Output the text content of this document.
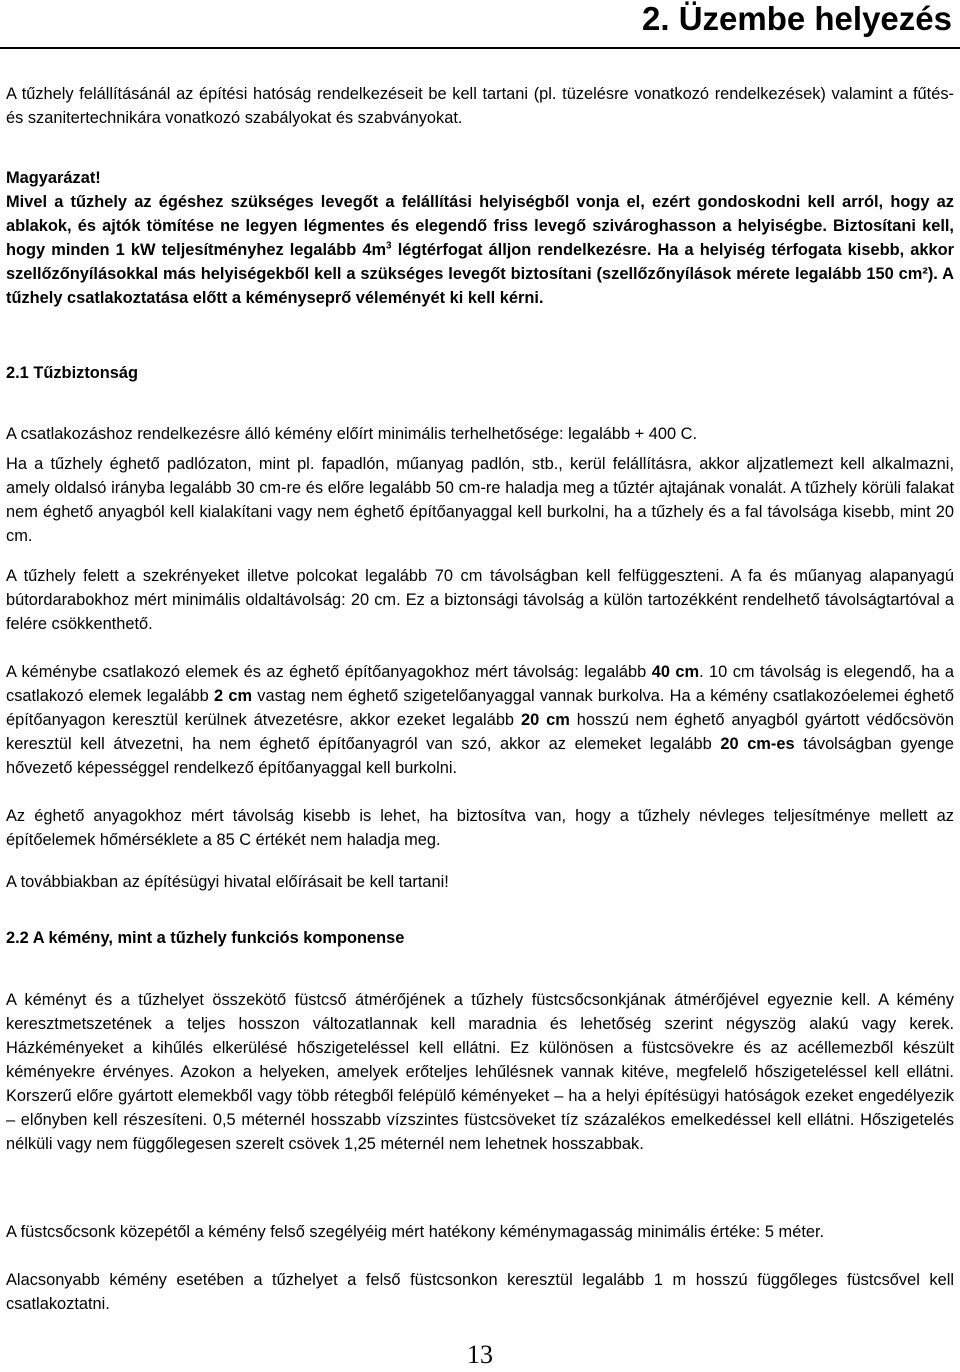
2. Üzembe helyezés

A tűzhely felállításánál az építési hatóság rendelkezéseit be kell tartani (pl. tüzelésre vonatkozó rendelkezések) valamint a fűtés- és szanitertechnikára vonatkozó szabályokat és szabványokat.

Magyarázat!
Mivel a tűzhely az égéshez szükséges levegőt a felállítási helyiségből vonja el, ezért gondoskodni kell arról, hogy az ablakok, és ajtók tömítése ne legyen légmentes és elegendő friss levegő szivároghasson a helyiségbe. Biztosítani kell, hogy minden 1 kW teljesítményhez legalább $4m^3$ légtérfogat álljon rendelkezésre. Ha a helyiség térfogata kisebb, akkor szellőzőnyílásokkal más helyiségekből kell a szükséges levegőt biztosítani (szellőzőnyílások mérete legalább 150 cm²). A tűzhely csatlakoztatása előtt a kéményseprő véleményét ki kell kérni.

2.1 Tűzbiztonság

A csatlakozáshoz rendelkezésre álló kémény előírt minimális terhelhetősége: legalább + 400 C.

Ha a tűzhely éghető padlózaton, mint pl. fapadlón, műanyag padlón, stb., kerül felállításra, akkor aljzatlemezt kell alkalmazni, amely oldalsó irányba legalább 30 cm-re és előre legalább 50 cm-re haladja meg a tűztér ajtajának vonalát. A tűzhely körüli falakat nem éghető anyagból kell kialakítani vagy nem éghető építőanyaggal kell burkolni, ha a tűzhely és a fal távolsága kisebb, mint 20 cm.

A tűzhely felett a szekrényeket illetve polcokat legalább 70 cm távolságban kell felfüggeszteni. A fa és műanyag alapanyagú bútordarabokhoz mért minimális oldaltávolság: 20 cm. Ez a biztonsági távolság a külön tartozékként rendelhető távolságtartóval a felére csökkenthető.

A kéménybe csatlakozó elemek és az éghető építőanyagokhoz mért távolság: legalább 40 cm. 10 cm távolság is elegendő, ha a csatlakozó elemek legalább 2 cm vastag nem éghető szigetelőanyaggal vannak burkolva. Ha a kémény csatlakozóelemei éghető építőanyagon keresztül kerülnek átvezetésre, akkor ezeket legalább 20 cm hosszú nem éghető anyagból gyártott védőcsövön keresztül kell átvezetni, ha nem éghető építőanyagról van szó, akkor az elemeket legalább 20 cm-es távolságban gyenge hővezető képességgel rendelkező építőanyaggal kell burkolni.

Az éghető anyagokhoz mért távolság kisebb is lehet, ha biztosítva van, hogy a tűzhely névleges teljesítménye mellett az építőelemek hőmérséklete a 85 C értékét nem haladja meg.

A továbbiakban az építésügyi hivatal előírásait be kell tartani!

2.2 A kémény, mint a tűzhely funkciós komponense

A kéményt és a tűzhelyet összekötő füstcső átmérőjének a tűzhely füstcsőcsonkjának átmérőjével egyeznie kell. A kémény keresztmetszetének a teljes hosszon változatlannak kell maradnia és lehetőség szerint négyszög alakú vagy kerek. Házkéményeket a kihűlés elkerülésé hőszigeteléssel kell ellátni. Ez különösen a füstcsövekre és az acéllemezből készült kéményekre érvényes. Azokon a helyeken, amelyek erőteljes lehűlésnek vannak kitéve, megfelelő hőszigeteléssel kell ellátni. Korszerű előre gyártott elemekből vagy több rétegből felépülő kéményeket – ha a helyi építésügyi hatóságok ezeket engedélyezik – előnyben kell részesíteni. 0,5 méternél hosszabb vízszintes füstcsöveket tíz százalékos emelkedéssel kell ellátni. Hőszigetelés nélküli vagy nem függőlegesen szerelt csövek 1,25 méternél nem lehetnek hosszabbak.

A füstcsőcsonk közepétől a kémény felső szegélyéig mért hatékony kéménymagasság minimális értéke: 5 méter.

Alacsonyabb kémény esetében a tűzhelyet a felső füstcsonkon keresztül legalább 1 m hosszú függőleges füstcsővel kell csatlakoztatni.

13
